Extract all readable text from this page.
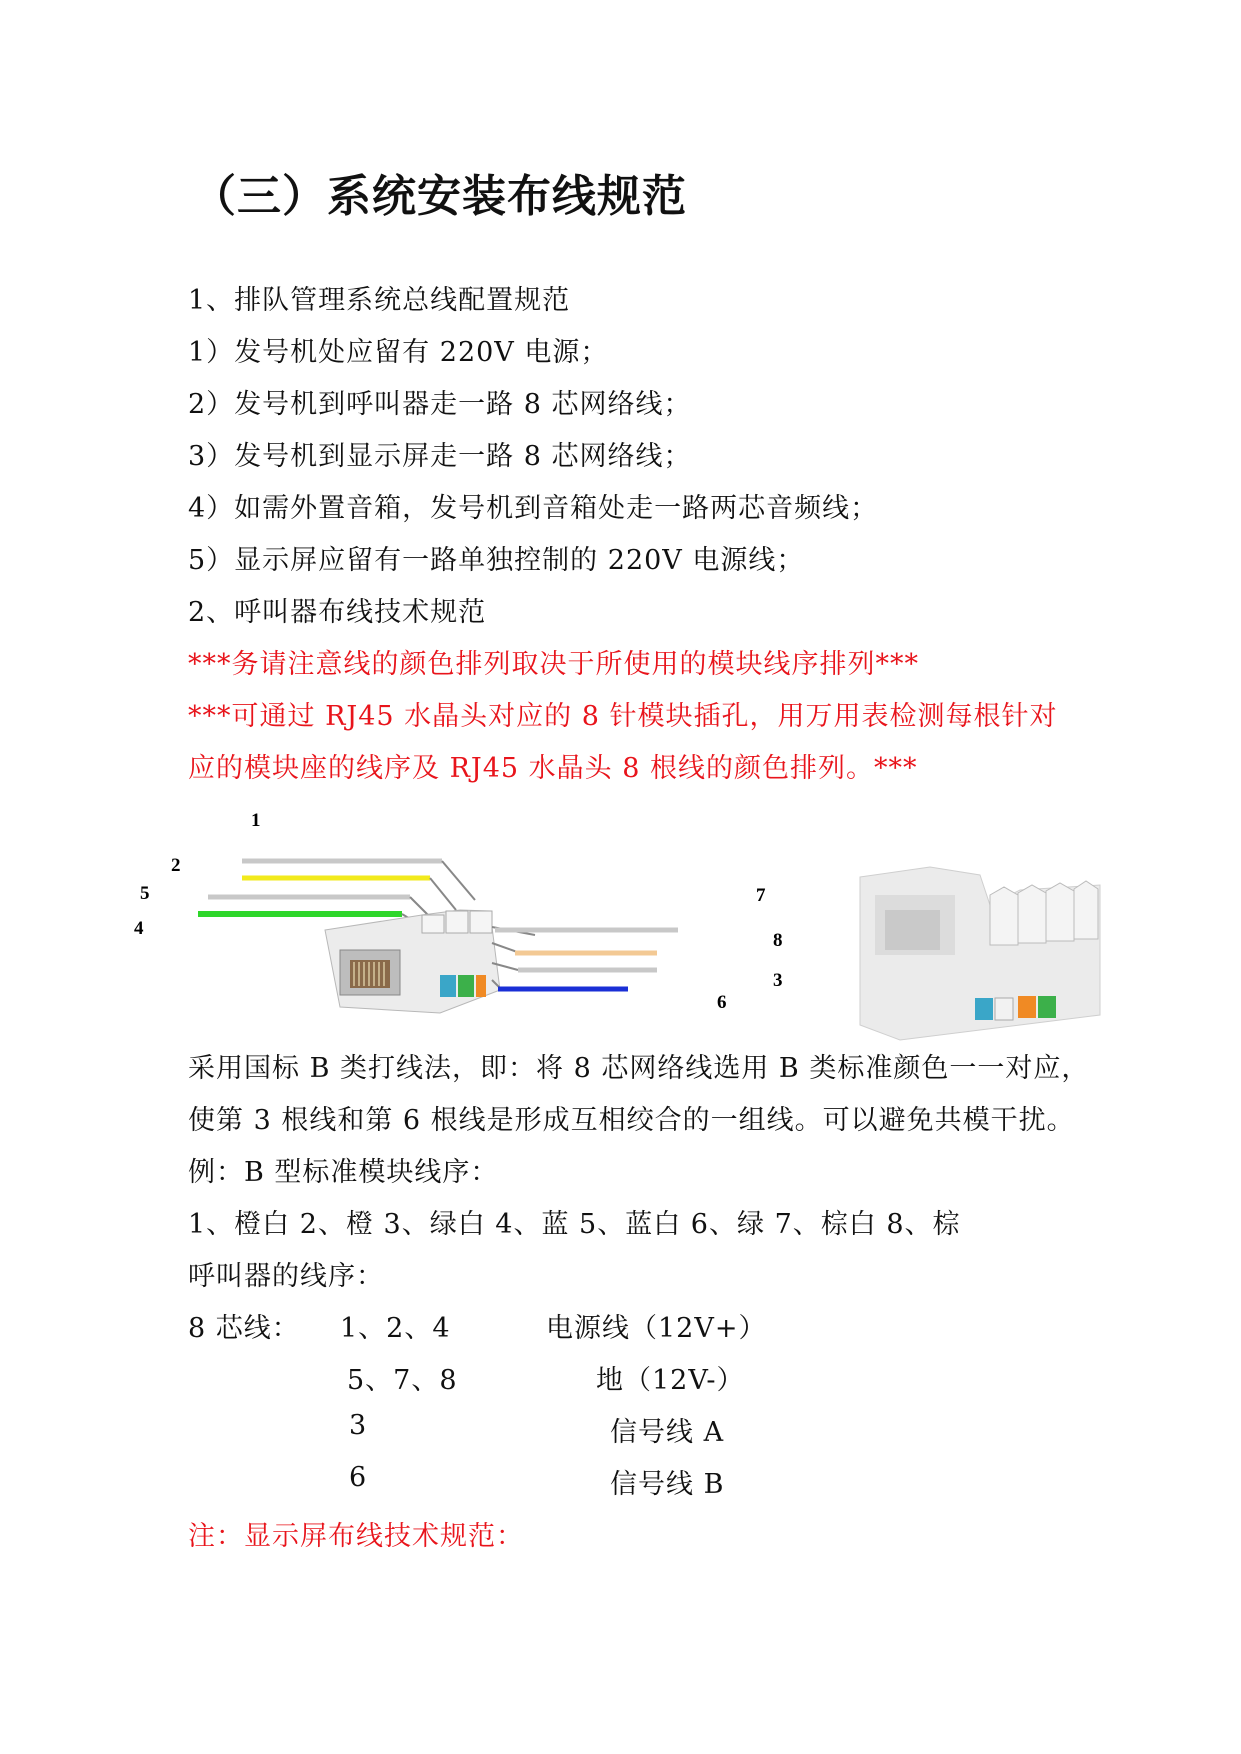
（三）系统安装布线规范
1、排队管理系统总线配置规范
1）发号机处应留有 220V 电源；
2）发号机到呼叫器走一路 8 芯网络线；
3）发号机到显示屏走一路 8 芯网络线；
4）如需外置音箱，发号机到音箱处走一路两芯音频线；
5）显示屏应留有一路单独控制的 220V 电源线；
2、呼叫器布线技术规范
***务请注意线的颜色排列取决于所使用的模块线序排列***
***可通过 RJ45 水晶头对应的 8 针模块插孔，用万用表检测每根针对
应的模块座的线序及 RJ45 水晶头 8 根线的颜色排列。***
1
2
5
4
7
8
3
6
采用国标 B 类打线法，即：将 8 芯网络线选用 B 类标准颜色一一对应，
使第 3 根线和第 6 根线是形成互相绞合的一组线。可以避免共模干扰。
例：B 型标准模块线序：
1、橙白 2、橙 3、绿白 4、蓝 5、蓝白 6、绿 7、棕白 8、棕
呼叫器的线序：
8 芯线： 1、2、4	电源线（12V+）
5、7、8	地（12V-）
3	信号线 A
6	信号线 B
注：显示屏布线技术规范：
